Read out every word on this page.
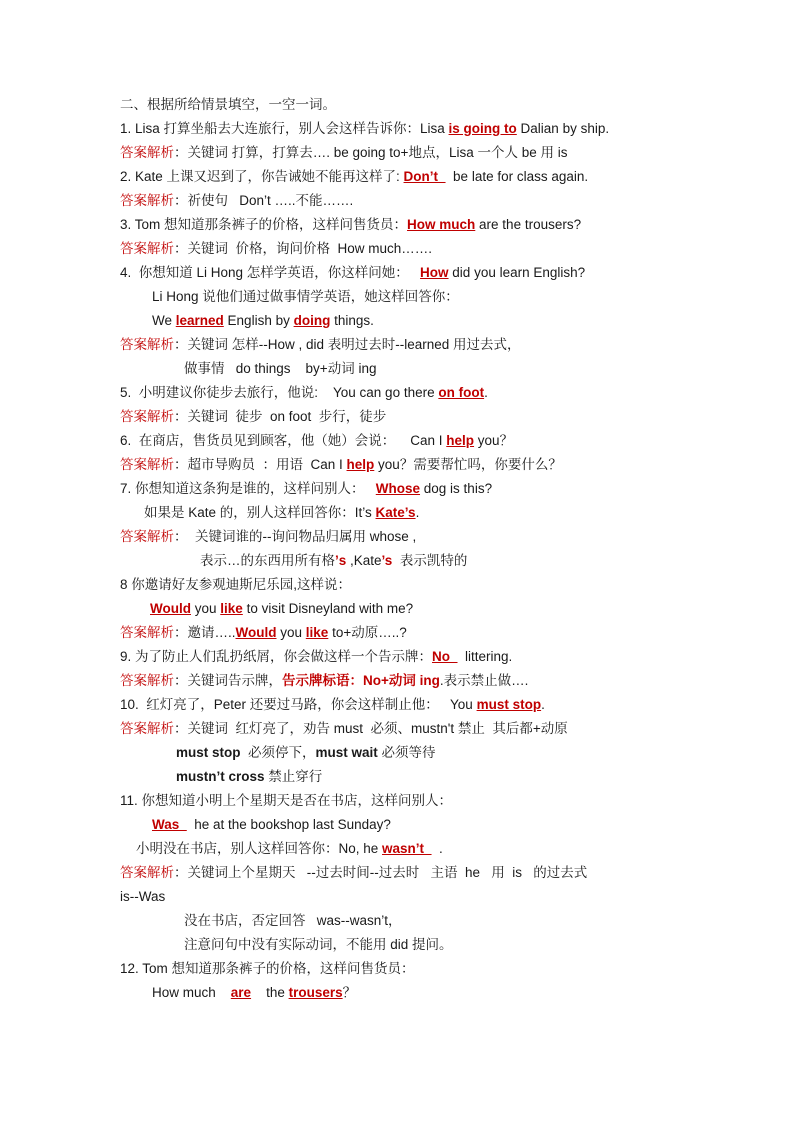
二、根据所给情景填空，一空一词。
1. Lisa 打算坐船去大连旅行，别人会这样告诉你：Lisa is going to Dalian by ship.
答案解析：关键词 打算，打算去…. be going to+地点，Lisa 一个人 be 用 is
2. Kate 上课又迟到了，你告诫她不能再这样了: Don’t    be late for class again.
答案解析：祈使句   Don’t …..不能…….
3. Tom 想知道那条裤子的价格，这样问售货员：How much are the trousers?
答案解析：关键词  价格，询问价格  How much…….
4.  你想知道 Li Hong 怎样学英语，你这样问她：   How did you learn English?
Li Hong 说他们通过做事情学英语，她这样回答你：
We learned English by doing things.
答案解析：关键词 怎样--How , did 表明过去时--learned 用过去式，
做事情   do things    by+动词 ing
5.  小明建议你徒步去旅行，他说:    You can go there on foot.
答案解析：关键词  徒步  on foot  步行，徒步
6.  在商店，售货员见到顾客，他（她）会说：    Can I help you？
答案解析：超市导购员  ：用语  Can I help you？需要帮忙吗，你要什么？
7. 你想知道这条狗是谁的，这样问别人：   Whose dog is this?
如果是 Kate 的，别人这样回答你：It’s Kate’s.
答案解析：  关键词谁的--询问物品归属用 whose ,
表示…的东西用所有格’s ,Kate’s  表示凯特的
8 你邀请好友参观迪斯尼乐园,这样说：
Would you like to visit Disneyland with me?
答案解析：邀请…..Would you like to+动原…..?
9. 为了防止人们乱扔纸屑，你会做这样一个告示牌：No    littering.
答案解析：关键词告示牌，告示牌标语：No+动词 ing.表示禁止做….
10.  红灯亮了，Peter 还要过马路，你会这样制止他：   You must stop.
答案解析：关键词  红灯亮了，劝告 must  必须、mustn't 禁止  其后都+动原
must stop  必须停下，must wait 必须等待
mustn’t cross 禁止穿行
11. 你想知道小明上个星期天是否在书店，这样问别人：
Was    he at the bookshop last Sunday?
小明没在书店，别人这样回答你：No, he wasn’t    .
答案解析：关键词上个星期天   --过去时间--过去时   主语  he   用  is   的过去式
is--Was
没在书店，否定回答   was--wasn’t，
注意问句中没有实际动词，不能用 did 提问。
12. Tom 想知道那条裤子的价格，这样问售货员：
How much    are    the trousers？
